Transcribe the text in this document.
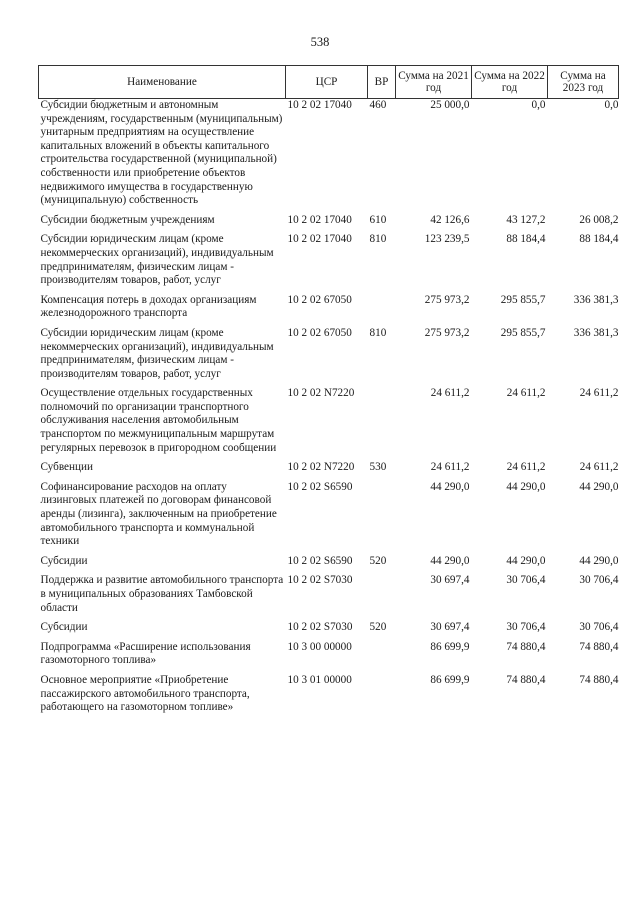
538
Наименование	ЦСР	ВР	Сумма на 2021 год	Сумма на 2022 год	Сумма на 2023 год
Субсидии бюджетным и автономным учреждениям, государственным (муниципальным) унитарным предприятиям на осуществление капитальных вложений в объекты капитального строительства государственной (муниципальной) собственности или приобретение объектов недвижимого имущества в государственную (муниципальную) собственность	10 2 02 17040	460	25 000,0	0,0	0,0
Субсидии бюджетным учреждениям	10 2 02 17040	610	42 126,6	43 127,2	26 008,2
Субсидии юридическим лицам (кроме некоммерческих организаций), индивидуальным предпринимателям, физическим лицам - производителям товаров, работ, услуг	10 2 02 17040	810	123 239,5	88 184,4	88 184,4
Компенсация потерь в доходах организациям железнодорожного транспорта	10 2 02 67050		275 973,2	295 855,7	336 381,3
Субсидии юридическим лицам (кроме некоммерческих организаций), индивидуальным предпринимателям, физическим лицам - производителям товаров, работ, услуг	10 2 02 67050	810	275 973,2	295 855,7	336 381,3
Осуществление отдельных государственных полномочий по организации транспортного обслуживания населения автомобильным транспортом по межмуниципальным маршрутам регулярных перевозок в пригородном сообщении	10 2 02 N7220		24 611,2	24 611,2	24 611,2
Субвенции	10 2 02 N7220	530	24 611,2	24 611,2	24 611,2
Софинансирование расходов на оплату лизинговых платежей по договорам финансовой аренды (лизинга), заключенным на приобретение автомобильного транспорта и коммунальной техники	10 2 02 S6590		44 290,0	44 290,0	44 290,0
Субсидии	10 2 02 S6590	520	44 290,0	44 290,0	44 290,0
Поддержка и развитие автомобильного транспорта в муниципальных образованиях Тамбовской области	10 2 02 S7030		30 697,4	30 706,4	30 706,4
Субсидии	10 2 02 S7030	520	30 697,4	30 706,4	30 706,4
Подпрограмма «Расширение использования газомоторного топлива»	10 3 00 00000		86 699,9	74 880,4	74 880,4
Основное мероприятие «Приобретение пассажирского автомобильного транспорта, работающего на газомоторном топливе»	10 3 01 00000		86 699,9	74 880,4	74 880,4
